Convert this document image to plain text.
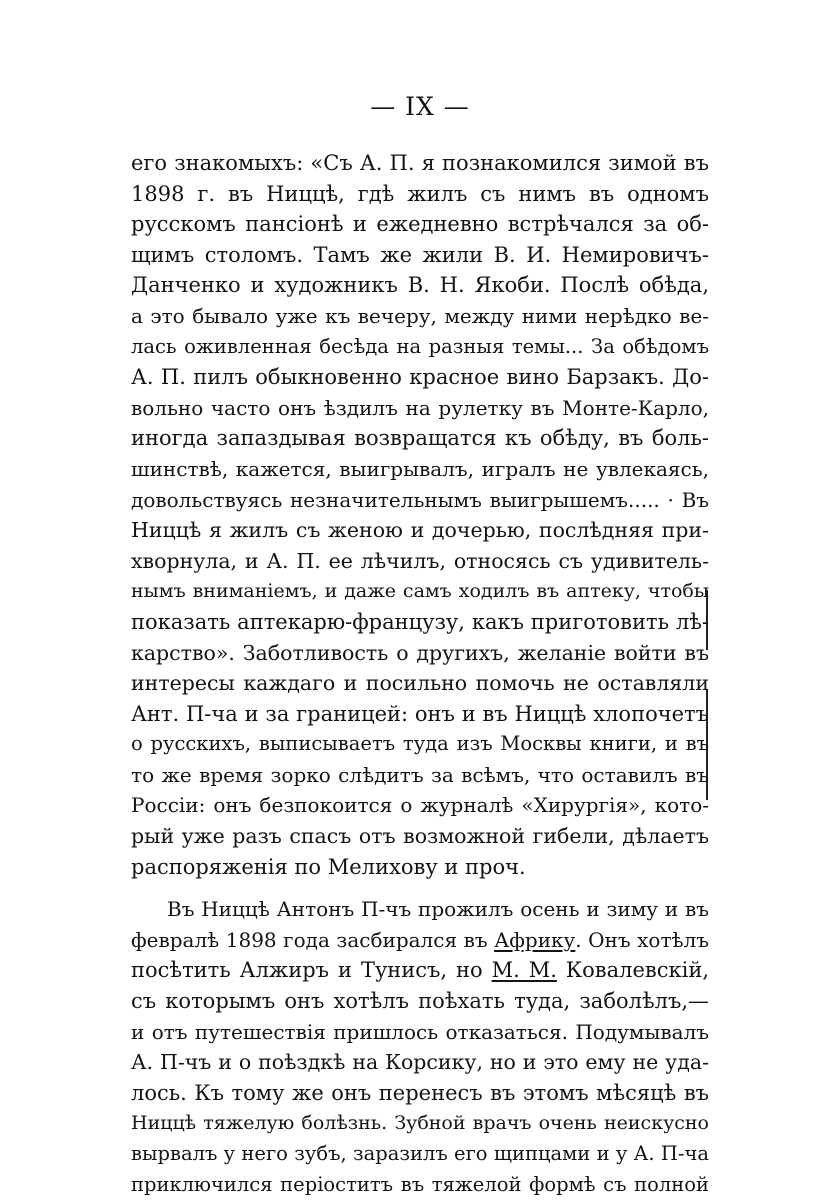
— IX —
его знакомыхъ: «Съ А. П. я познакомился зимой въ
1898 г. въ Ниццѣ, гдѣ жилъ съ нимъ въ одномъ
русскомъ пансіонѣ и ежедневно встрѣчался за об-
щимъ столомъ. Тамъ же жили В. И. Немировичъ-
Данченко и художникъ В. Н. Якоби. Послѣ обѣда,
а это бывало уже къ вечеру, между ними нерѣдко ве-
лась оживленная бесѣда на разныя темы... За обѣдомъ
А. П. пилъ обыкновенно красное вино Барзакъ. До-
вольно часто онъ ѣздилъ на рулетку въ Монте-Карло,
иногда запаздывая возвращатся къ обѣду, въ боль-
шинствѣ, кажется, выигрывалъ, игралъ не увлекаясь,
довольствуясь незначительнымъ выигрышемъ..... · Въ
Ниццѣ я жилъ съ женою и дочерью, послѣдняя при-
хворнула, и А. П. ее лѣчилъ, относясь съ удивитель-
нымъ вниманіемъ, и даже самъ ходилъ въ аптеку, чтобы
показать аптекарю-французу, какъ приготовить лѣ-
карство». Заботливость о другихъ, желаніе войти въ
интересы каждаго и посильно помочь не оставляли
Ант. П-ча и за границей: онъ и въ Ниццѣ хлопочетъ
о русскихъ, выписываетъ туда изъ Москвы книги, и въ
то же время зорко слѣдитъ за всѣмъ, что оставилъ въ
Россіи: онъ безпокоится о журналѣ «Хирургія», кото-
рый уже разъ спасъ отъ возможной гибели, дѣлаетъ
распоряженія по Мелихову и проч.
Въ Ниццѣ Антонъ П-чъ прожилъ осень и зиму и въ
февралѣ 1898 года засбирался въ Африку. Онъ хотѣлъ
посѣтить Алжиръ и Тунисъ, но М. М. Ковалевскій,
съ которымъ онъ хотѣлъ поѣхать туда, заболѣлъ,—
и отъ путешествія пришлось отказаться. Подумывалъ
А. П-чъ и о поѣздкѣ на Корсику, но и это ему не уда-
лось. Къ тому же онъ перенесъ въ этомъ мѣсяцѣ въ
Ниццѣ тяжелую болѣзнь. Зубной врачъ очень неискусно
вырвалъ у него зубъ, заразилъ его щипцами и у А. П-ча
приключился періоститъ въ тяжелой формѣ съ полной
